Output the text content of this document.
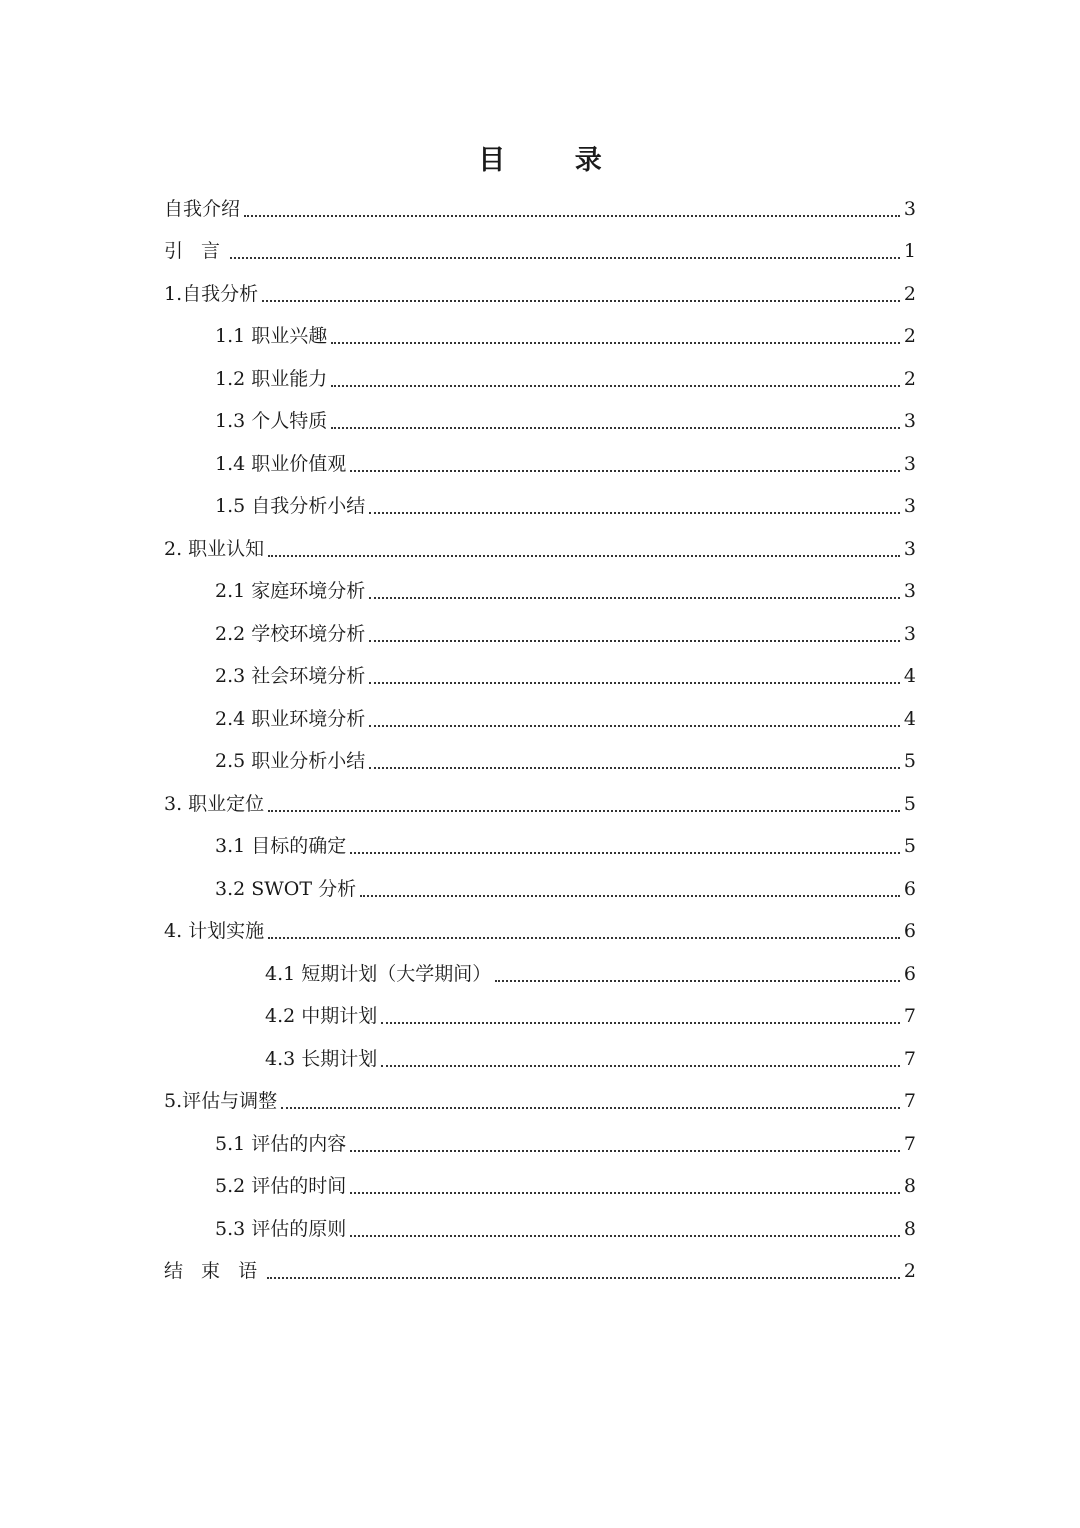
目 录
自我介绍	3
引 言	1
1.自我分析	2
1.1 职业兴趣	2
1.2 职业能力	2
1.3 个人特质	3
1.4 职业价值观	3
1.5 自我分析小结	3
2. 职业认知	3
2.1 家庭环境分析	3
2.2 学校环境分析	3
2.3 社会环境分析	4
2.4 职业环境分析	4
2.5 职业分析小结	5
3. 职业定位	5
3.1 目标的确定	5
3.2 SWOT 分析	6
4. 计划实施	6
4.1 短期计划（大学期间）	6
4.2 中期计划	7
4.3 长期计划	7
5.评估与调整	7
5.1 评估的内容	7
5.2 评估的时间	8
5.3 评估的原则	8
结 束 语	2
